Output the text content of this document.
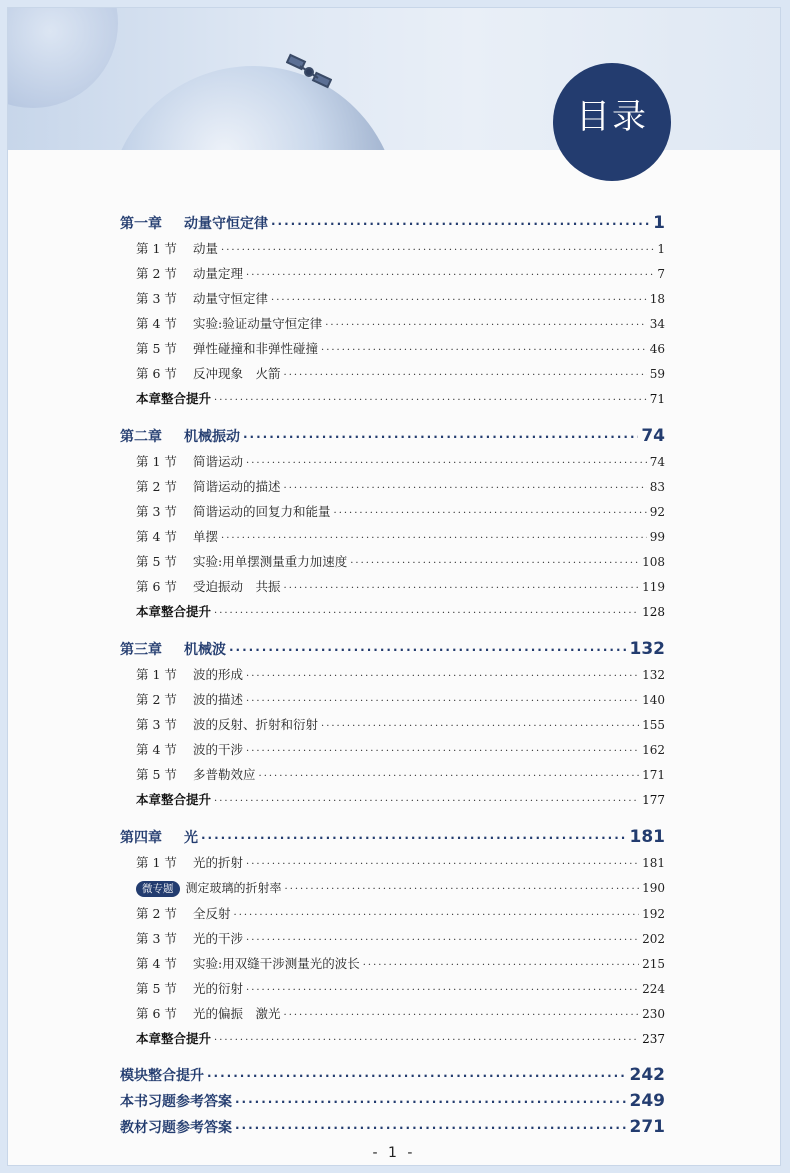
目录
第一章 动量守恒定律 ·····	1
第 1 节 动量 ·····	1
第 2 节 动量定理 ·····	7
第 3 节 动量守恒定律 ·····	18
第 4 节 实验:验证动量守恒定律 ·····	34
第 5 节 弹性碰撞和非弹性碰撞 ·····	46
第 6 节 反冲现象　火箭 ·····	59
本章整合提升 ·····	71
第二章 机械振动 ·····	74
第 1 节 简谐运动 ·····	74
第 2 节 简谐运动的描述 ·····	83
第 3 节 简谐运动的回复力和能量 ·····	92
第 4 节 单摆 ·····	99
第 5 节 实验:用单摆测量重力加速度 ·····	108
第 6 节 受迫振动　共振 ·····	119
本章整合提升 ·····	128
第三章 机械波 ·····	132
第 1 节 波的形成 ·····	132
第 2 节 波的描述 ·····	140
第 3 节 波的反射、折射和衍射 ·····	155
第 4 节 波的干涉 ·····	162
第 5 节 多普勒效应 ·····	171
本章整合提升 ·····	177
第四章 光 ·····	181
第 1 节 光的折射 ·····	181
微专题 测定玻璃的折射率 ·····	190
第 2 节 全反射 ·····	192
第 3 节 光的干涉 ·····	202
第 4 节 实验:用双缝干涉测量光的波长 ·····	215
第 5 节 光的衍射 ·····	224
第 6 节 光的偏振　激光 ·····	230
本章整合提升 ·····	237
模块整合提升 ·····	242
本书习题参考答案 ·····	249
教材习题参考答案 ·····	271
- 1 -
